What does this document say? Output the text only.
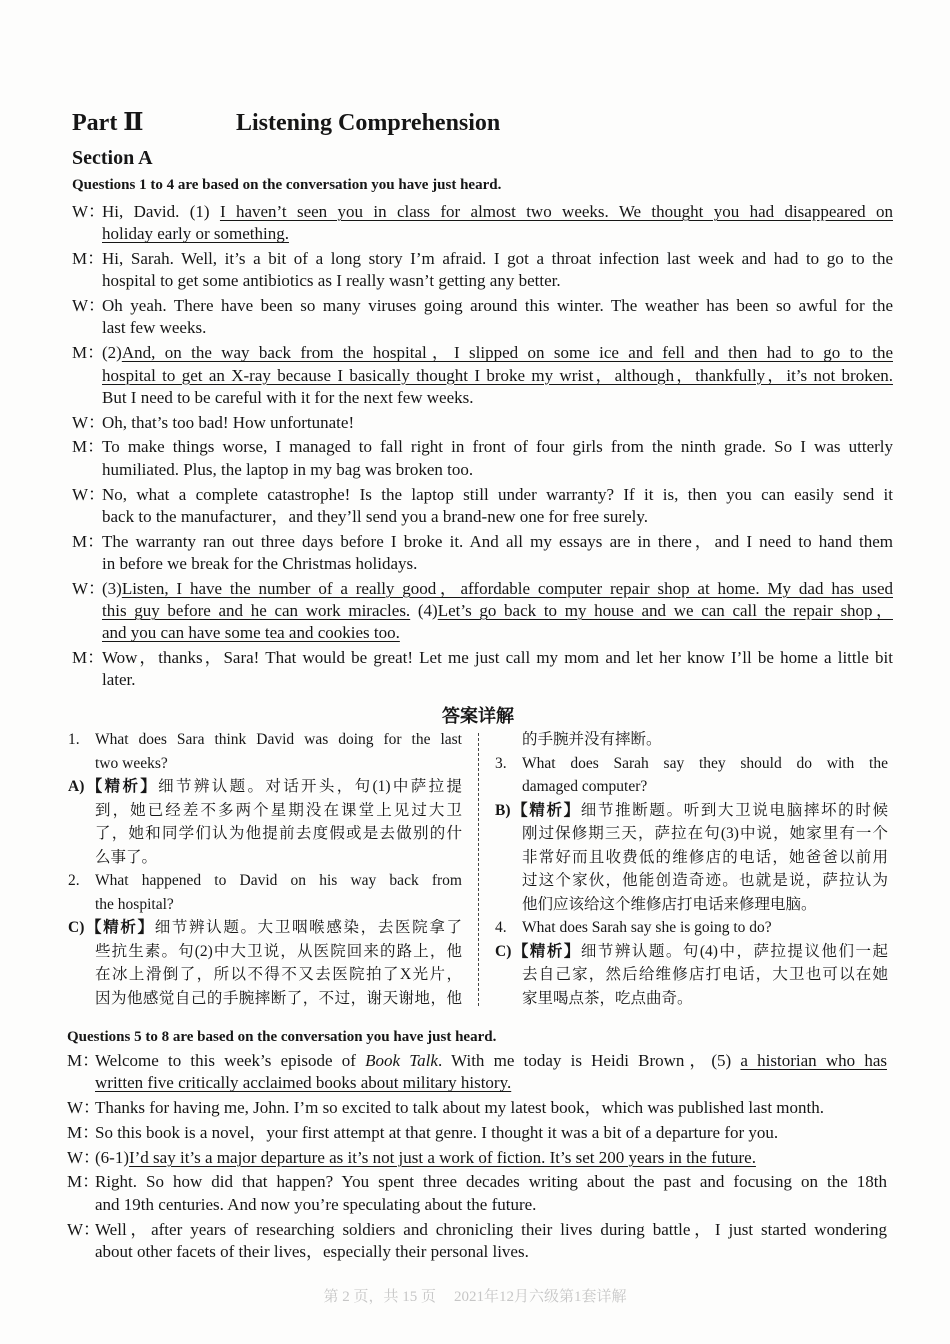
Part Ⅱ	Listening Comprehension
Section A
Questions 1 to 4 are based on the conversation you have just heard.
W：
Hi, David. (1) I haven’t seen you in class for almost two weeks. We thought you had disappeared on
holiday early or something.
M：
Hi, Sarah. Well, it’s a bit of a long story I’m afraid. I got a throat infection last week and had to go to the
hospital to get some antibiotics as I really wasn’t getting any better.
W：
Oh yeah. There have been so many viruses going around this winter. The weather has been so awful for the
last few weeks.
M：
(2)And, on the way back from the hospital，I slipped on some ice and fell and then had to go to the
hospital to get an X-ray because I basically thought I broke my wrist，although，thankfully，it’s not broken.
But I need to be careful with it for the next few weeks.
W：
Oh, that’s too bad! How unfortunate!
M：
To make things worse, I managed to fall right in front of four girls from the ninth grade. So I was utterly
humiliated. Plus, the laptop in my bag was broken too.
W：
No, what a complete catastrophe! Is the laptop still under warranty? If it is, then you can easily send it
back to the manufacturer，and they’ll send you a brand-new one for free surely.
M：
The warranty ran out three days before I broke it. And all my essays are in there，and I need to hand them
in before we break for the Christmas holidays.
W：
(3)Listen, I have the number of a really good，affordable computer repair shop at home. My dad has used
this guy before and he can work miracles. (4)Let’s go back to my house and we can call the repair shop，
and you can have some tea and cookies too.
M：
Wow，thanks，Sara! That would be great! Let me just call my mom and let her know I’ll be home a little bit
later.
答案详解
1. What does Sara think David was doing for the last
two weeks?
A)【精析】细节辨认题。对话开头，句(1)中萨拉提
到，她已经差不多两个星期没在课堂上见过大卫
了，她和同学们认为他提前去度假或是去做别的什
么事了。
2. What happened to David on his way back from
the hospital?
C)【精析】细节辨认题。大卫咽喉感染，去医院拿了
些抗生素。句(2)中大卫说，从医院回来的路上，他
在冰上滑倒了，所以不得不又去医院拍了X光片，
因为他感觉自己的手腕摔断了，不过，谢天谢地，他
的手腕并没有摔断。
3. What does Sarah say they should do with the
damaged computer?
B)【精析】细节推断题。听到大卫说电脑摔坏的时候
刚过保修期三天，萨拉在句(3)中说，她家里有一个
非常好而且收费低的维修店的电话，她爸爸以前用
过这个家伙，他能创造奇迹。也就是说，萨拉认为
他们应该给这个维修店打电话来修理电脑。
4. What does Sarah say she is going to do?
C)【精析】细节辨认题。句(4)中，萨拉提议他们一起
去自己家，然后给维修店打电话，大卫也可以在她
家里喝点茶，吃点曲奇。
Questions 5 to 8 are based on the conversation you have just heard.
M：
Welcome to this week’s episode of Book Talk. With me today is Heidi Brown，(5) a historian who has
written five critically acclaimed books about military history.
W：
Thanks for having me, John. I’m so excited to talk about my latest book，which was published last month.
M：
So this book is a novel，your first attempt at that genre. I thought it was a bit of a departure for you.
W：
(6-1)I’d say it’s a major departure as it’s not just a work of fiction. It’s set 200 years in the future.
M：
Right. So how did that happen? You spent three decades writing about the past and focusing on the 18th
and 19th centuries. And now you’re speculating about the future.
W：
Well，after years of researching soldiers and chronicling their lives during battle，I just started wondering
about other facets of their lives，especially their personal lives.
第 2 页，共 15 页 2021年12月六级第1套详解
